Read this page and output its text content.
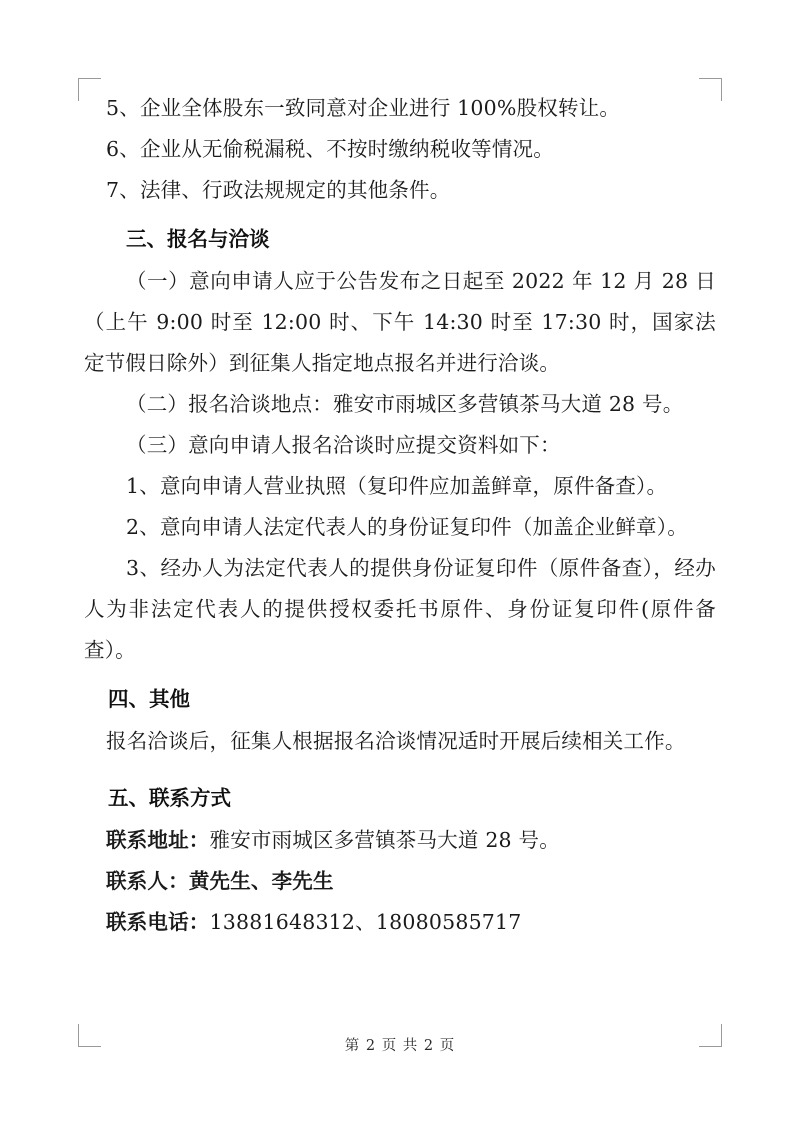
5、企业全体股东一致同意对企业进行 100%股权转让。

6、企业从无偷税漏税、不按时缴纳税收等情况。

7、法律、行政法规规定的其他条件。

三、报名与洽谈

（一）意向申请人应于公告发布之日起至 2022 年 12 月 28 日（上午 9:00 时至 12:00 时、下午 14:30 时至 17:30 时，国家法定节假日除外）到征集人指定地点报名并进行洽谈。

（二）报名洽谈地点：雅安市雨城区多营镇茶马大道 28 号。

（三）意向申请人报名洽谈时应提交资料如下：

1、意向申请人营业执照（复印件应加盖鲜章，原件备查）。

2、意向申请人法定代表人的身份证复印件（加盖企业鲜章）。

3、经办人为法定代表人的提供身份证复印件（原件备查），经办人为非法定代表人的提供授权委托书原件、身份证复印件(原件备查）。

四、其他

报名洽谈后，征集人根据报名洽谈情况适时开展后续相关工作。

五、联系方式

联系地址：雅安市雨城区多营镇茶马大道 28 号。

联系人：黄先生、李先生

联系电话：13881648312、18080585717

第 2 页 共 2 页
